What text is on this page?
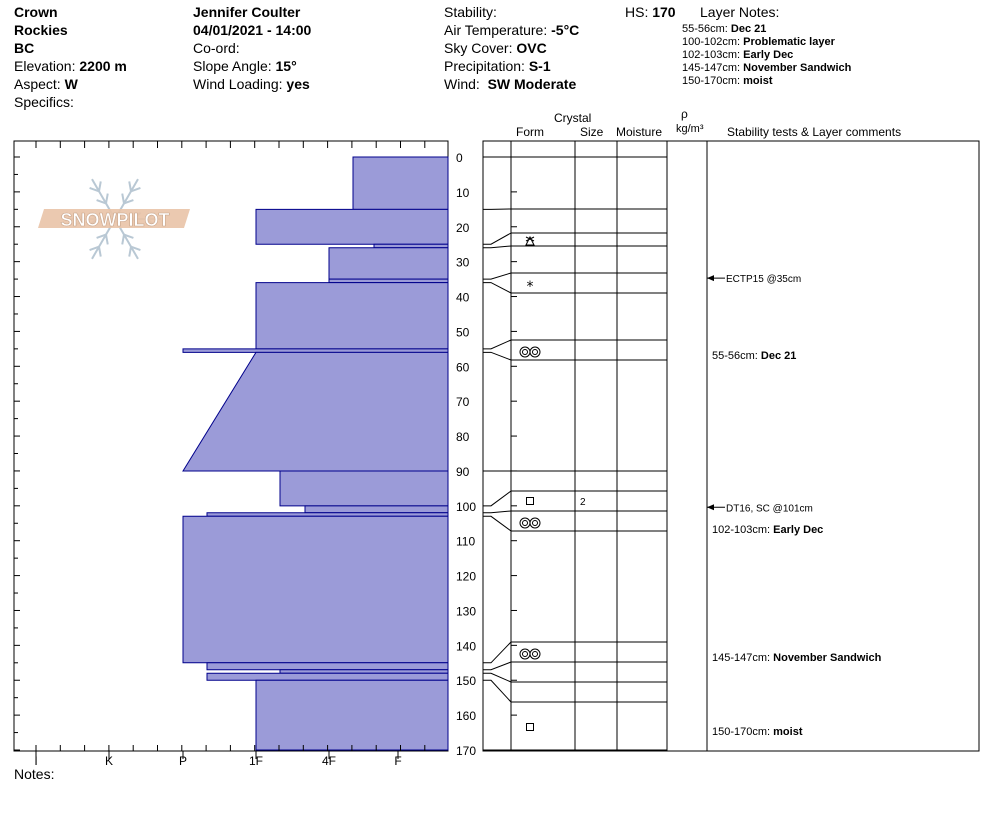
Crown
Rockies
BC
Elevation: 2200 m
Aspect: W
Specifics:
Jennifer Coulter
04/01/2021 - 14:00
Co-ord:
Slope Angle: 15°
Wind Loading: yes
Stability:
Air Temperature: -5°C
Sky Cover: OVC
Precipitation: S-1
Wind: SW Moderate
HS: 170 Layer Notes:
55-56cm: Dec 21
100-102cm: Problematic layer
102-103cm: Early Dec
145-147cm: November Sandwich
150-170cm: moist
Crystal
Form	Size Moisture
ρ
kg/m³ Stability tests & Layer comments
Notes:
SNOWPILOT
I	K	P	1F	4F	F
0
10
20
30
40
50
60
70
80
90
100
110
120
130
140
150
160
170
*
2
ECTP15 @35cm
DT16, SC @101cm
55-56cm: Dec 21
102-103cm: Early Dec
145-147cm: November Sandwich
150-170cm: moist
